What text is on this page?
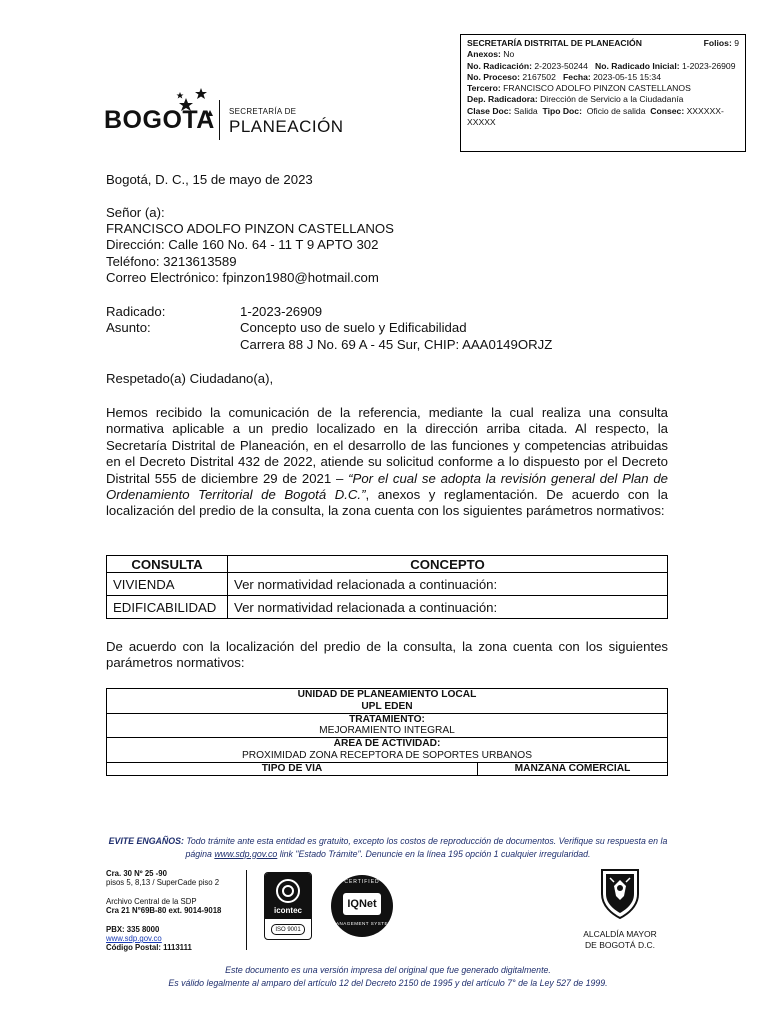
SECRETARÍA DISTRITAL DE PLANEACIÓN	Folios: 9
Anexos: No
No. Radicación: 2-2023-50244 No. Radicado Inicial: 1-2023-26909
No. Proceso: 2167502 Fecha: 2023-05-15 15:34
Tercero: FRANCISCO ADOLFO PINZON CASTELLANOS
Dep. Radicadora: Dirección de Servicio a la Ciudadanía
Clase Doc: Salida Tipo Doc: Oficio de salida Consec: XXXXXX-XXXXX
BOGOTA SECRETARÍA DE
PLANEACIÓN
Bogotá, D. C., 15 de mayo de 2023
Señor (a):
FRANCISCO ADOLFO PINZON CASTELLANOS
Dirección: Calle 160 No. 64 - 11 T 9 APTO 302
Teléfono: 3213613589
Correo Electrónico: fpinzon1980@hotmail.com
Radicado:	1-2023-26909
Asunto:	Concepto uso de suelo y Edificabilidad
Carrera 88 J No. 69 A - 45 Sur, CHIP: AAA0149ORJZ
Respetado(a) Ciudadano(a),
Hemos recibido la comunicación de la referencia, mediante la cual realiza una consulta normativa aplicable a un predio localizado en la dirección arriba citada. Al respecto, la Secretaría Distrital de Planeación, en el desarrollo de las funciones y competencias atribuidas en el Decreto Distrital 432 de 2022, atiende su solicitud conforme a lo dispuesto por el Decreto Distrital 555 de diciembre 29 de 2021 – “Por el cual se adopta la revisión general del Plan de Ordenamiento Territorial de Bogotá D.C.”, anexos y reglamentación. De acuerdo con la localización del predio de la consulta, la zona cuenta con los siguientes parámetros normativos:
CONSULTA	CONCEPTO
VIVIENDA	Ver normatividad relacionada a continuación:
EDIFICABILIDAD	Ver normatividad relacionada a continuación:
De acuerdo con la localización del predio de la consulta, la zona cuenta con los siguientes parámetros normativos:
UNIDAD DE PLANEAMIENTO LOCAL
UPL EDEN

TRATAMIENTO:
MEJORAMIENTO INTEGRAL

ÁREA DE ACTIVIDAD:
PROXIMIDAD ZONA RECEPTORA DE SOPORTES URBANOS

TIPO DE VÍA	MANZANA COMERCIAL
EVITE ENGAÑOS: Todo trámite ante esta entidad es gratuito, excepto los costos de reproducción de documentos. Verifique su respuesta en la página www.sdp.gov.co link "Estado Trámite". Denuncie en la línea 195 opción 1 cualquier irregularidad.
Cra. 30 Nº 25 -90
pisos 5, 8,13 / SuperCade piso 2
Archivo Central de la SDP
Cra 21 N°69B-80 ext. 9014-9018
PBX: 335 8000
www.sdp.gov.co
Código Postal: 1113111
icontec
ISO 9001
CERTIFIED
IQNet
MANAGEMENT SYSTEM
ALCALDÍA MAYOR
DE BOGOTÁ D.C.
Este documento es una versión impresa del original que fue generado digitalmente.
Es válido legalmente al amparo del artículo 12 del Decreto 2150 de 1995 y del artículo 7° de la Ley 527 de 1999.
